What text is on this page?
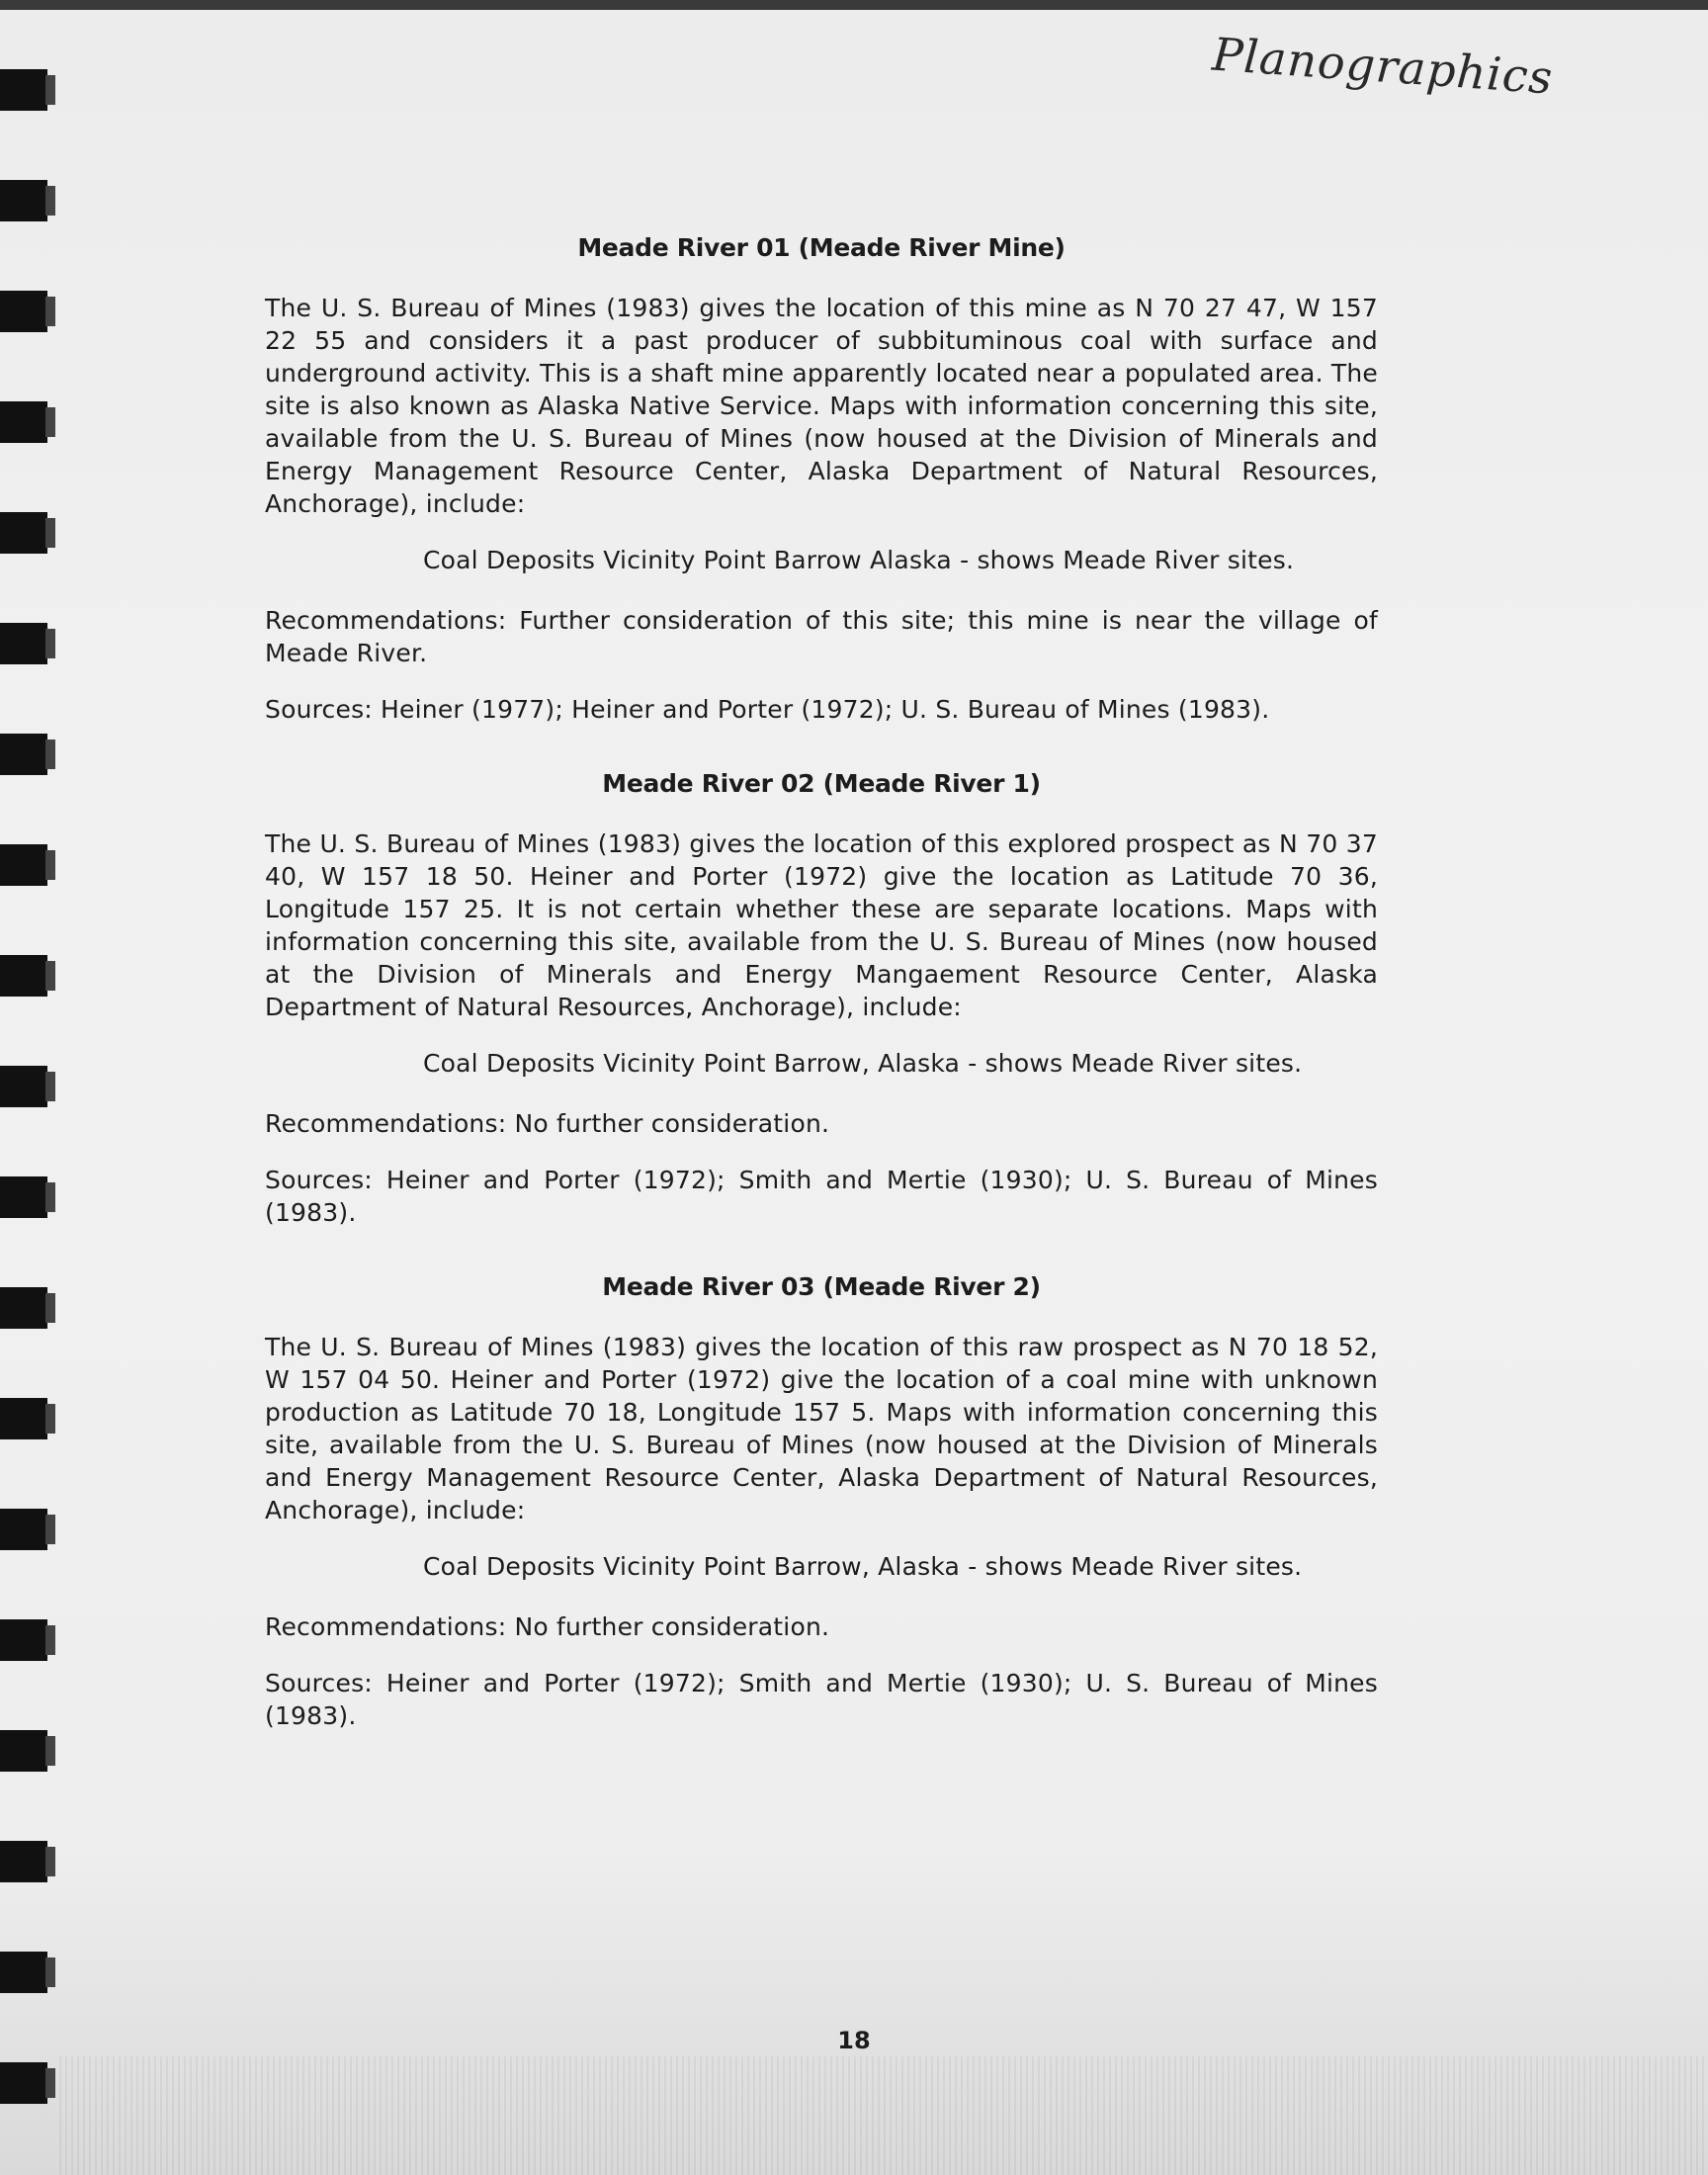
Planographics
Meade River 01 (Meade River Mine)

The U. S. Bureau of Mines (1983) gives the location of this mine as N 70 27 47, W 157 22 55 and considers it a past producer of subbituminous coal with surface and underground activity. This is a shaft mine apparently located near a populated area. The site is also known as Alaska Native Service. Maps with information concerning this site, available from the U. S. Bureau of Mines (now housed at the Division of Minerals and Energy Management Resource Center, Alaska Department of Natural Resources, Anchorage), include:

Coal Deposits Vicinity Point Barrow Alaska - shows Meade River sites.

Recommendations: Further consideration of this site; this mine is near the village of Meade River.

Sources: Heiner (1977); Heiner and Porter (1972); U. S. Bureau of Mines (1983).

Meade River 02 (Meade River 1)

The U. S. Bureau of Mines (1983) gives the location of this explored prospect as N 70 37 40, W 157 18 50. Heiner and Porter (1972) give the location as Latitude 70 36, Longitude 157 25. It is not certain whether these are separate locations. Maps with information concerning this site, available from the U. S. Bureau of Mines (now housed at the Division of Minerals and Energy Mangaement Resource Center, Alaska Department of Natural Resources, Anchorage), include:

Coal Deposits Vicinity Point Barrow, Alaska - shows Meade River sites.

Recommendations: No further consideration.

Sources: Heiner and Porter (1972); Smith and Mertie (1930); U. S. Bureau of Mines (1983).

Meade River 03 (Meade River 2)

The U. S. Bureau of Mines (1983) gives the location of this raw prospect as N 70 18 52, W 157 04 50. Heiner and Porter (1972) give the location of a coal mine with unknown production as Latitude 70 18, Longitude 157 5. Maps with information concerning this site, available from the U. S. Bureau of Mines (now housed at the Division of Minerals and Energy Management Resource Center, Alaska Department of Natural Resources, Anchorage), include:

Coal Deposits Vicinity Point Barrow, Alaska - shows Meade River sites.

Recommendations: No further consideration.

Sources: Heiner and Porter (1972); Smith and Mertie (1930); U. S. Bureau of Mines (1983).

18
